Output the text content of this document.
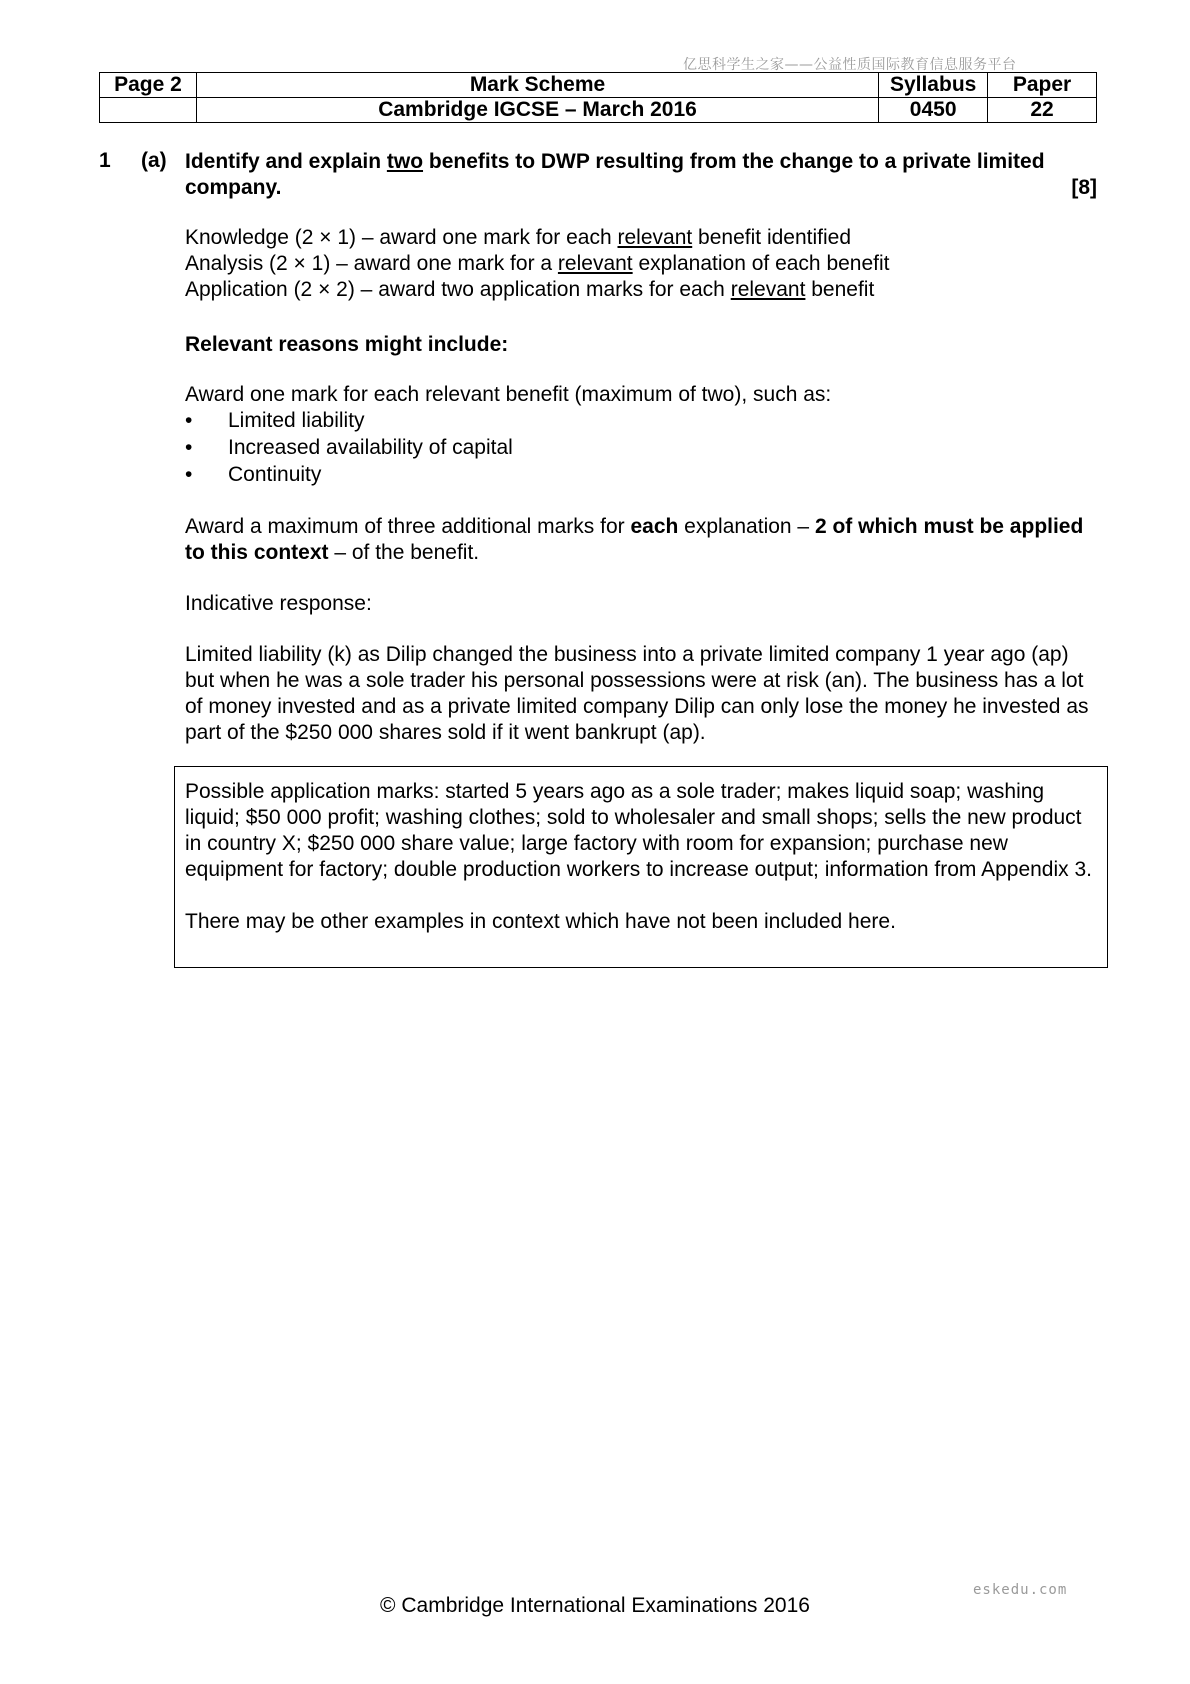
亿思科学生之家——公益性质国际教育信息服务平台
Page 2	Mark Scheme	Syllabus	Paper
	Cambridge IGCSE – March 2016	0450	22
1 (a) Identify and explain two benefits to DWP resulting from the change to a private limited company.	[8]
Knowledge (2 × 1) – award one mark for each relevant benefit identified
Analysis (2 × 1) – award one mark for a relevant explanation of each benefit
Application (2 × 2) – award two application marks for each relevant benefit
Relevant reasons might include:
Award one mark for each relevant benefit (maximum of two), such as:
• Limited liability
• Increased availability of capital
• Continuity
Award a maximum of three additional marks for each explanation – 2 of which must be applied to this context – of the benefit.
Indicative response:
Limited liability (k) as Dilip changed the business into a private limited company 1 year ago (ap) but when he was a sole trader his personal possessions were at risk (an). The business has a lot of money invested and as a private limited company Dilip can only lose the money he invested as part of the $250 000 shares sold if it went bankrupt (ap).
Possible application marks: started 5 years ago as a sole trader; makes liquid soap; washing liquid; $50 000 profit; washing clothes; sold to wholesaler and small shops; sells the new product in country X; $250 000 share value; large factory with room for expansion; purchase new equipment for factory; double production workers to increase output; information from Appendix 3.
There may be other examples in context which have not been included here.
eskedu.com
© Cambridge International Examinations 2016
